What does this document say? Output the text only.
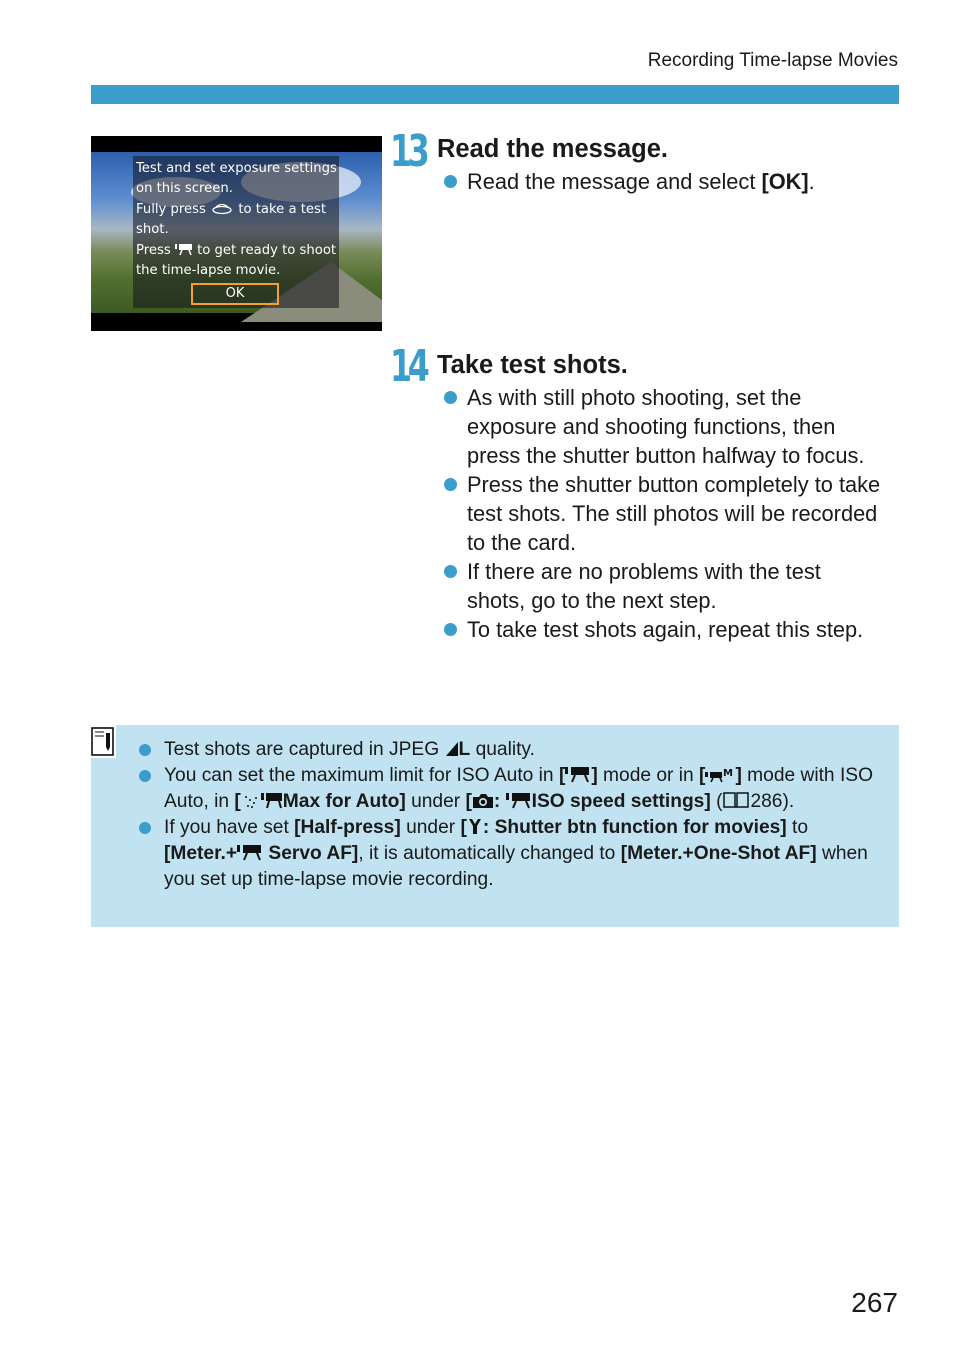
Recording Time-lapse Movies
Test and set exposure settings
on this screen.
Fully press to take a test
shot.
Press to get ready to shoot
the time-lapse movie.
OK
13 Read the message.
Read the message and select [OK].
14 Take test shots.
As with still photo shooting, set the exposure and shooting functions, then press the shutter button halfway to focus.
Press the shutter button completely to take test shots. The still photos will be recorded to the card.
If there are no problems with the test shots, go to the next step.
To take test shots again, repeat this step.
Test shots are captured in JPEG L quality.
You can set the maximum limit for ISO Auto in [ ] mode or in [ M ] mode with ISO Auto, in [ Max for Auto] under [ : ISO speed settings] ( 286).
If you have set [Half-press] under [ : Shutter btn function for movies] to [Meter.+ Servo AF], it is automatically changed to [Meter.+One-Shot AF] when you set up time-lapse movie recording.
267
